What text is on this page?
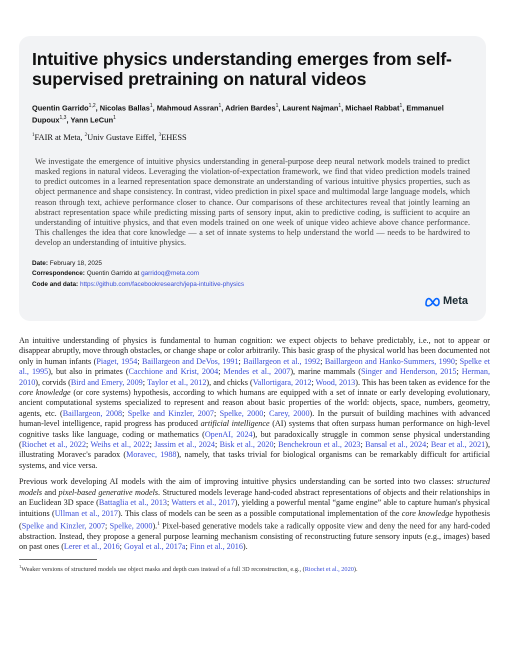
Intuitive physics understanding emerges from self-supervised pretraining on natural videos
Quentin Garrido$^{1,2}$, Nicolas Ballas$^1$, Mahmoud Assran$^1$, Adrien Bardes$^1$, Laurent Najman$^1$, Michael Rabbat$^1$, Emmanuel Dupoux$^{1,3}$, Yann LeCun$^1$
$^1$FAIR at Meta, $^2$Univ Gustave Eiffel, $^3$EHESS
We investigate the emergence of intuitive physics understanding in general-purpose deep neural network models trained to predict masked regions in natural videos. Leveraging the violation-of-expectation framework, we find that video prediction models trained to predict outcomes in a learned representation space demonstrate an understanding of various intuitive physics properties, such as object permanence and shape consistency. In contrast, video prediction in pixel space and multimodal large language models, which reason through text, achieve performance closer to chance. Our comparisons of these architectures reveal that jointly learning an abstract representation space while predicting missing parts of sensory input, akin to predictive coding, is sufficient to acquire an understanding of intuitive physics, and that even models trained on one week of unique video achieve above chance performance. This challenges the idea that core knowledge — a set of innate systems to help understand the world — needs to be hardwired to develop an understanding of intuitive physics.
Date: February 18, 2025
Correspondence: Quentin Garrido at garridoq@meta.com
Code and data: https://github.com/facebookresearch/jepa-intuitive-physics
Meta

An intuitive understanding of physics is fundamental to human cognition: we expect objects to behave predictably, i.e., not to appear or disappear abruptly, move through obstacles, or change shape or color arbitrarily. This basic grasp of the physical world has been documented not only in human infants (Piaget, 1954; Baillargeon and DeVos, 1991; Baillargeon et al., 1992; Baillargeon and Hanko-Summers, 1990; Spelke et al., 1995), but also in primates (Cacchione and Krist, 2004; Mendes et al., 2007), marine mammals (Singer and Henderson, 2015; Herman, 2010), corvids (Bird and Emery, 2009; Taylor et al., 2012), and chicks (Vallortigara, 2012; Wood, 2013). This has been taken as evidence for the core knowledge (or core systems) hypothesis, according to which humans are equipped with a set of innate or early developing evolutionary, ancient computational systems specialized to represent and reason about basic properties of the world: objects, space, numbers, geometry, agents, etc. (Baillargeon, 2008; Spelke and Kinzler, 2007; Spelke, 2000; Carey, 2000). In the pursuit of building machines with advanced human-level intelligence, rapid progress has produced artificial intelligence (AI) systems that often surpass human performance on high-level cognitive tasks like language, coding or mathematics (OpenAI, 2024), but paradoxically struggle in common sense physical understanding (Riochet et al., 2022; Weihs et al., 2022; Jassim et al., 2024; Bisk et al., 2020; Benchekroun et al., 2023; Bansal et al., 2024; Bear et al., 2021), illustrating Moravec's paradox (Moravec, 1988), namely, that tasks trivial for biological organisms can be remarkably difficult for artificial systems, and vice versa.

Previous work developing AI models with the aim of improving intuitive physics understanding can be sorted into two classes: structured models and pixel-based generative models. Structured models leverage hand-coded abstract representations of objects and their relationships in an Euclidean 3D space (Battaglia et al., 2013; Watters et al., 2017), yielding a powerful mental “game engine” able to capture human's physical intuitions (Ullman et al., 2017). This class of models can be seen as a possible computational implementation of the core knowledge hypothesis (Spelke and Kinzler, 2007; Spelke, 2000).$^1$ Pixel-based generative models take a radically opposite view and deny the need for any hard-coded abstraction. Instead, they propose a general purpose learning mechanism consisting of reconstructing future sensory inputs (e.g., images) based on past ones (Lerer et al., 2016; Goyal et al., 2017a; Finn et al., 2016).

$^1$Weaker versions of structured models use object masks and depth cues instead of a full 3D reconstruction, e.g., (Riochet et al., 2020).
